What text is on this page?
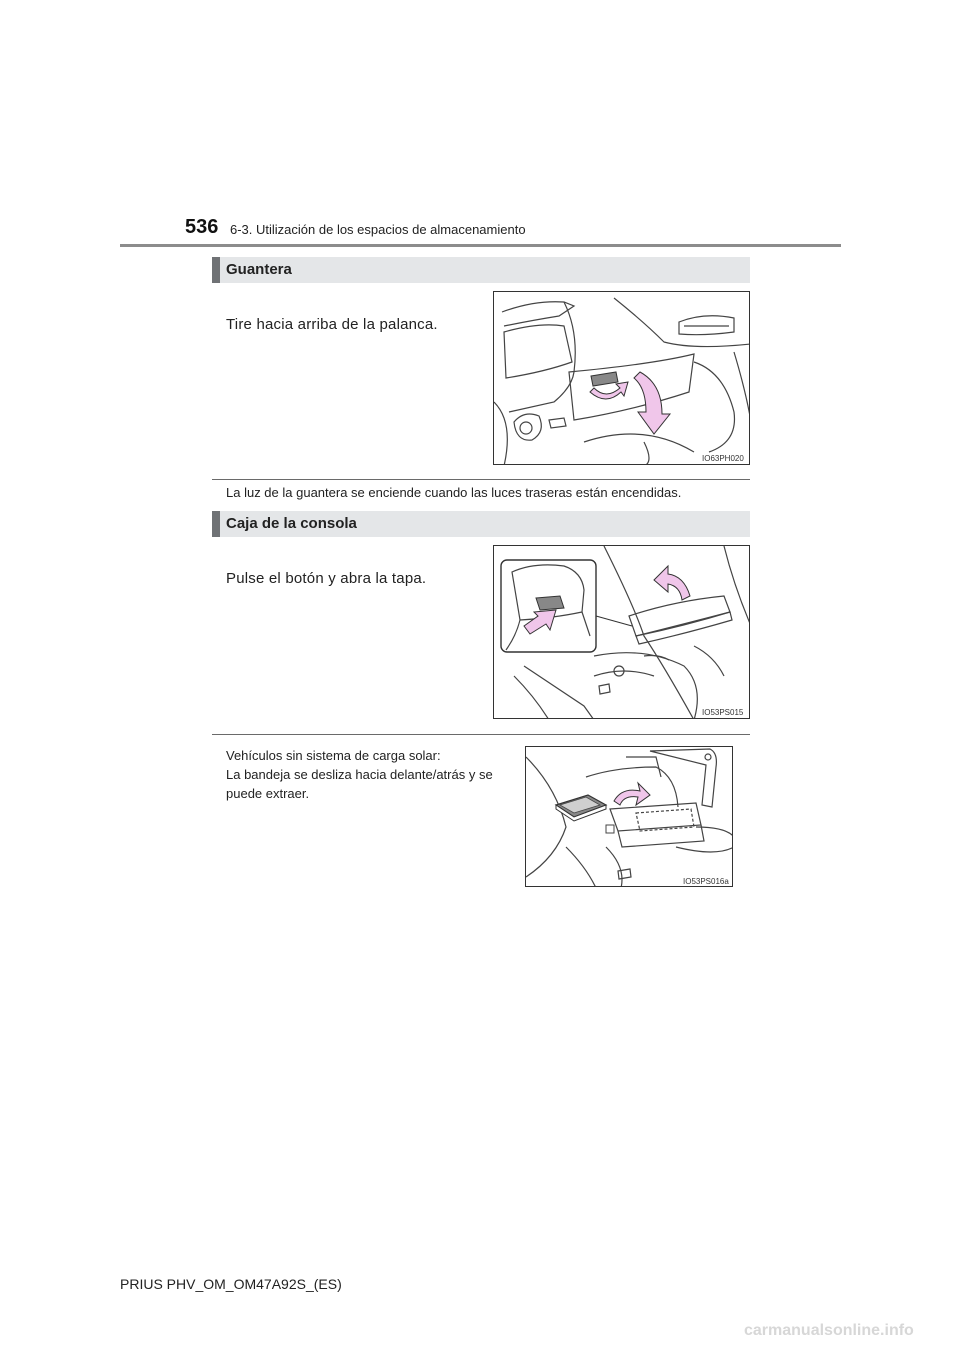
536 6-3. Utilización de los espacios de almacenamiento
Guantera
Tire hacia arriba de la palanca.
IO63PH020
La luz de la guantera se enciende cuando las luces traseras están encendidas.
Caja de la consola
Pulse el botón y abra la tapa.
IO53PS015
Vehículos sin sistema de carga solar:
La bandeja se desliza hacia delante/atrás y se
puede extraer.
IO53PS016a
PRIUS PHV_OM_OM47A92S_(ES)
carmanualsonline.info
